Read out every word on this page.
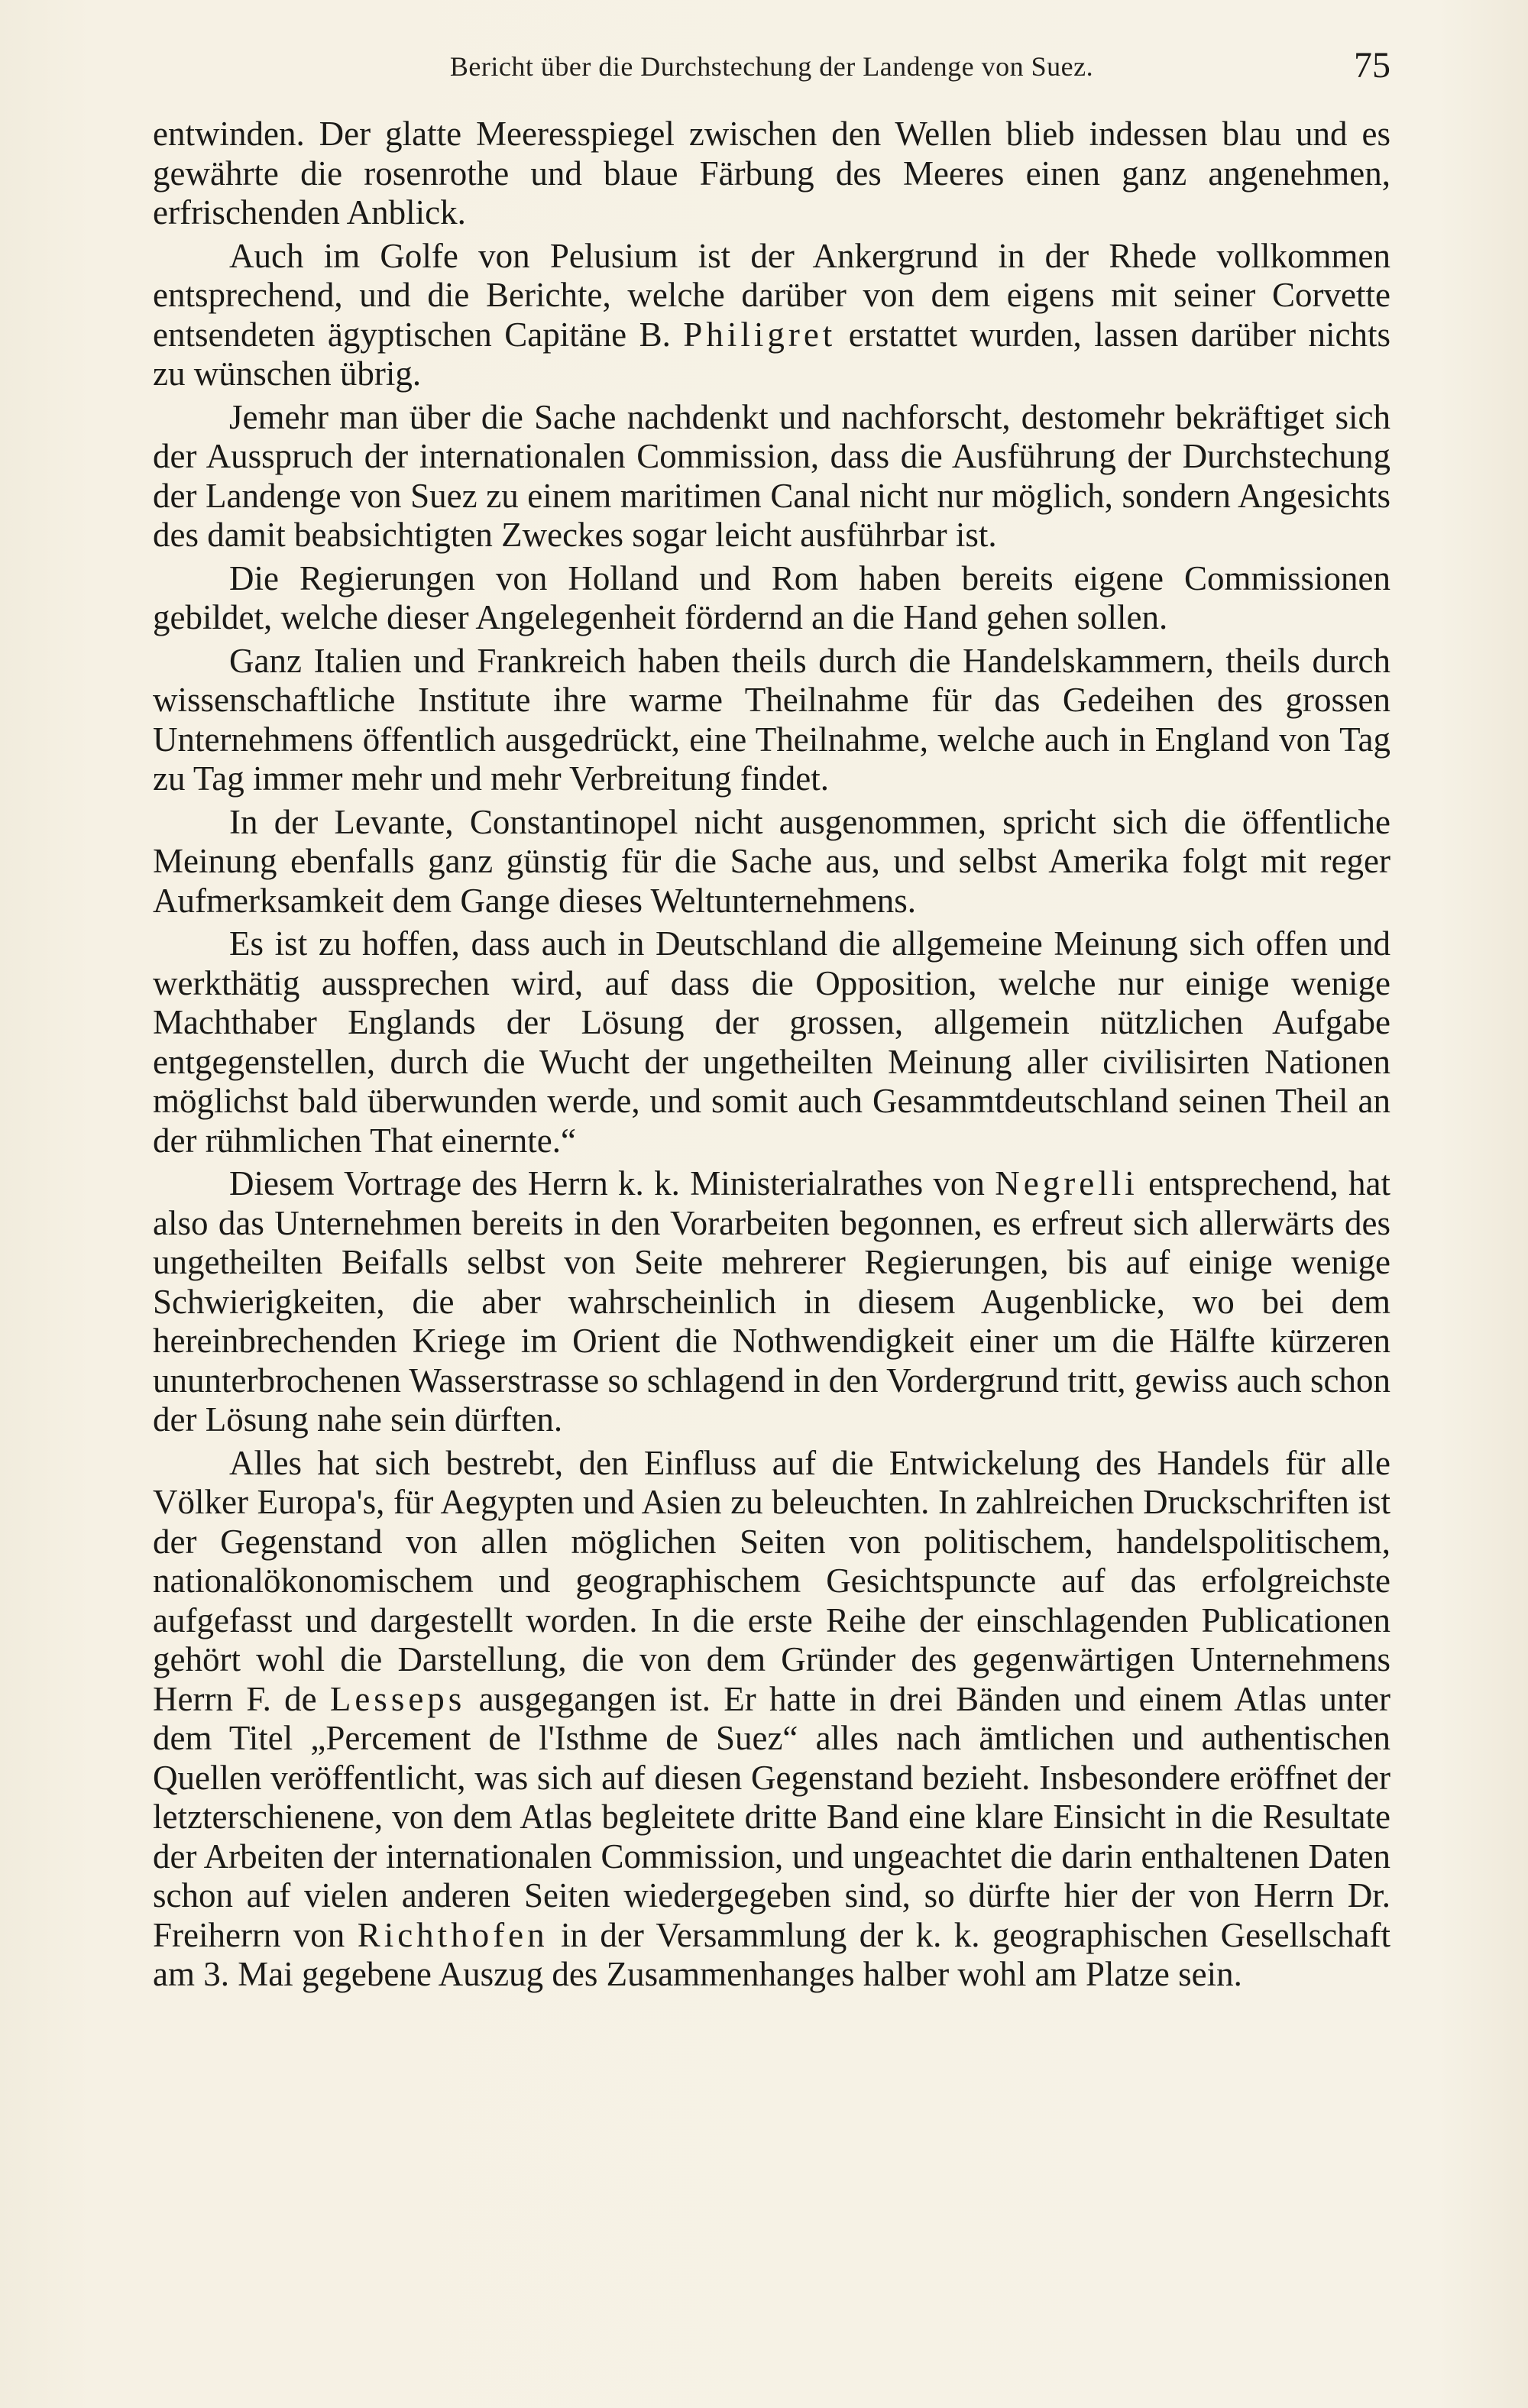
Bericht über die Durchstechung der Landenge von Suez.	75

entwinden. Der glatte Meeresspiegel zwischen den Wellen blieb indessen blau und es gewährte die rosenrothe und blaue Färbung des Meeres einen ganz angenehmen, erfrischenden Anblick.

Auch im Golfe von Pelusium ist der Ankergrund in der Rhede vollkommen entsprechend, und die Berichte, welche darüber von dem eigens mit seiner Corvette entsendeten ägyptischen Capitäne B. Philigret erstattet wurden, lassen darüber nichts zu wünschen übrig.

Jemehr man über die Sache nachdenkt und nachforscht, destomehr bekräftiget sich der Ausspruch der internationalen Commission, dass die Ausführung der Durchstechung der Landenge von Suez zu einem maritimen Canal nicht nur möglich, sondern Angesichts des damit beabsichtigten Zweckes sogar leicht ausführbar ist.

Die Regierungen von Holland und Rom haben bereits eigene Commissionen gebildet, welche dieser Angelegenheit fördernd an die Hand gehen sollen.

Ganz Italien und Frankreich haben theils durch die Handelskammern, theils durch wissenschaftliche Institute ihre warme Theilnahme für das Gedeihen des grossen Unternehmens öffentlich ausgedrückt, eine Theilnahme, welche auch in England von Tag zu Tag immer mehr und mehr Verbreitung findet.

In der Levante, Constantinopel nicht ausgenommen, spricht sich die öffentliche Meinung ebenfalls ganz günstig für die Sache aus, und selbst Amerika folgt mit reger Aufmerksamkeit dem Gange dieses Weltunternehmens.

Es ist zu hoffen, dass auch in Deutschland die allgemeine Meinung sich offen und werkthätig aussprechen wird, auf dass die Opposition, welche nur einige wenige Machthaber Englands der Lösung der grossen, allgemein nützlichen Aufgabe entgegenstellen, durch die Wucht der ungetheilten Meinung aller civilisirten Nationen möglichst bald überwunden werde, und somit auch Gesammtdeutschland seinen Theil an der rühmlichen That einernte.“

Diesem Vortrage des Herrn k. k. Ministerialrathes von Negrelli entsprechend, hat also das Unternehmen bereits in den Vorarbeiten begonnen, es erfreut sich allerwärts des ungetheilten Beifalls selbst von Seite mehrerer Regierungen, bis auf einige wenige Schwierigkeiten, die aber wahrscheinlich in diesem Augenblicke, wo bei dem hereinbrechenden Kriege im Orient die Nothwendigkeit einer um die Hälfte kürzeren ununterbrochenen Wasserstrasse so schlagend in den Vordergrund tritt, gewiss auch schon der Lösung nahe sein dürften.

Alles hat sich bestrebt, den Einfluss auf die Entwickelung des Handels für alle Völker Europa's, für Aegypten und Asien zu beleuchten. In zahlreichen Druckschriften ist der Gegenstand von allen möglichen Seiten von politischem, handelspolitischem, nationalökonomischem und geographischem Gesichtspuncte auf das erfolgreichste aufgefasst und dargestellt worden. In die erste Reihe der einschlagenden Publicationen gehört wohl die Darstellung, die von dem Gründer des gegenwärtigen Unternehmens Herrn F. de Lesseps ausgegangen ist. Er hatte in drei Bänden und einem Atlas unter dem Titel „Percement de l'Isthme de Suez“ alles nach ämtlichen und authentischen Quellen veröffentlicht, was sich auf diesen Gegenstand bezieht. Insbesondere eröffnet der letzterschienene, von dem Atlas begleitete dritte Band eine klare Einsicht in die Resultate der Arbeiten der internationalen Commission, und ungeachtet die darin enthaltenen Daten schon auf vielen anderen Seiten wiedergegeben sind, so dürfte hier der von Herrn Dr. Freiherrn von Richthofen in der Versammlung der k. k. geographischen Gesellschaft am 3. Mai gegebene Auszug des Zusammenhanges halber wohl am Platze sein.
